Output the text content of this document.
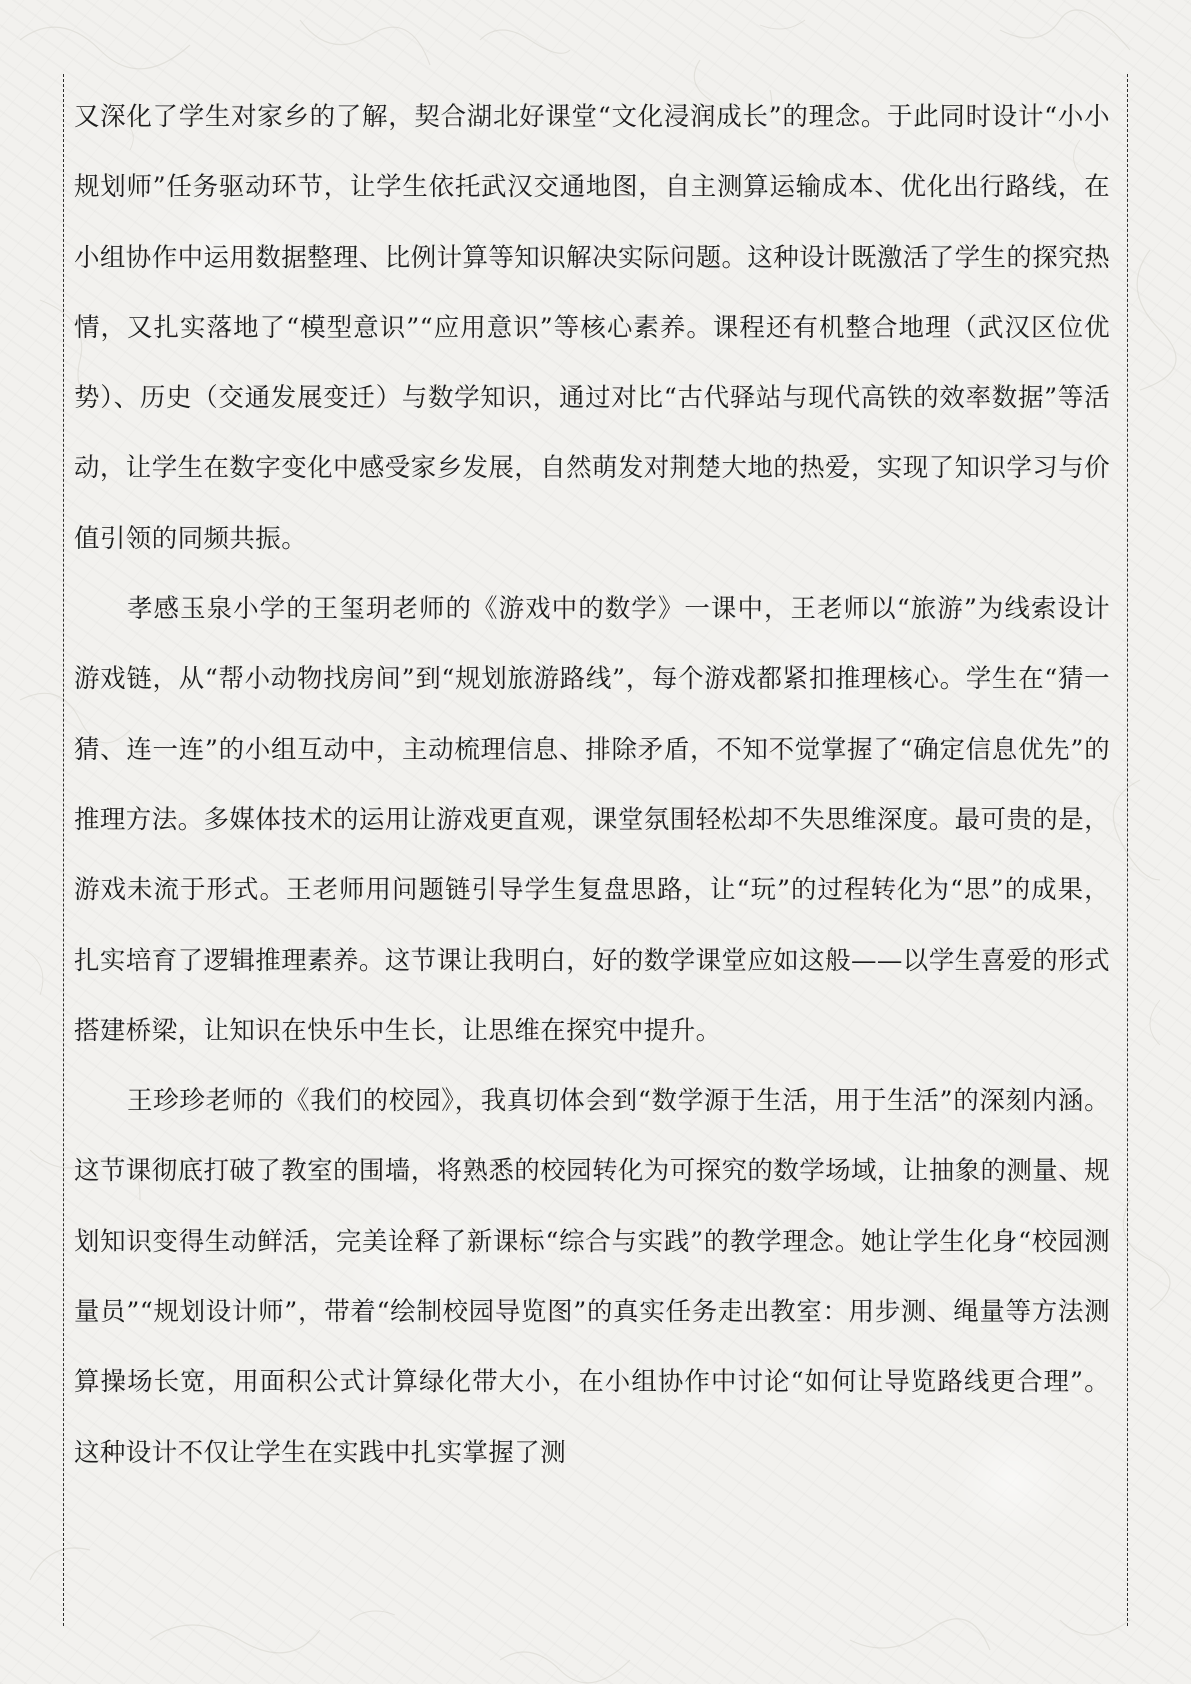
又深化了学生对家乡的了解，契合湖北好课堂“文化浸润成长”的理念。于此同时设计“小小规划师”任务驱动环节，让学生依托武汉交通地图，自主测算运输成本、优化出行路线，在小组协作中运用数据整理、比例计算等知识解决实际问题。这种设计既激活了学生的探究热情，又扎实落地了“模型意识”“应用意识”等核心素养。课程还有机整合地理（武汉区位优势）、历史（交通发展变迁）与数学知识，通过对比“古代驿站与现代高铁的效率数据”等活动，让学生在数字变化中感受家乡发展，自然萌发对荆楚大地的热爱，实现了知识学习与价值引领的同频共振。

孝感玉泉小学的王玺玥老师的《游戏中的数学》一课中，王老师以“旅游”为线索设计游戏链，从“帮小动物找房间”到“规划旅游路线”，每个游戏都紧扣推理核心。学生在“猜一猜、连一连”的小组互动中，主动梳理信息、排除矛盾，不知不觉掌握了“确定信息优先”的推理方法。多媒体技术的运用让游戏更直观，课堂氛围轻松却不失思维深度。最可贵的是，游戏未流于形式。王老师用问题链引导学生复盘思路，让“玩”的过程转化为“思”的成果，扎实培育了逻辑推理素养。这节课让我明白，好的数学课堂应如这般——以学生喜爱的形式搭建桥梁，让知识在快乐中生长，让思维在探究中提升。

王珍珍老师的《我们的校园》，我真切体会到“数学源于生活，用于生活”的深刻内涵。这节课彻底打破了教室的围墙，将熟悉的校园转化为可探究的数学场域，让抽象的测量、规划知识变得生动鲜活，完美诠释了新课标“综合与实践”的教学理念。她让学生化身“校园测量员”“规划设计师”，带着“绘制校园导览图”的真实任务走出教室：用步测、绳量等方法测算操场长宽，用面积公式计算绿化带大小，在小组协作中讨论“如何让导览路线更合理”。这种设计不仅让学生在实践中扎实掌握了测
